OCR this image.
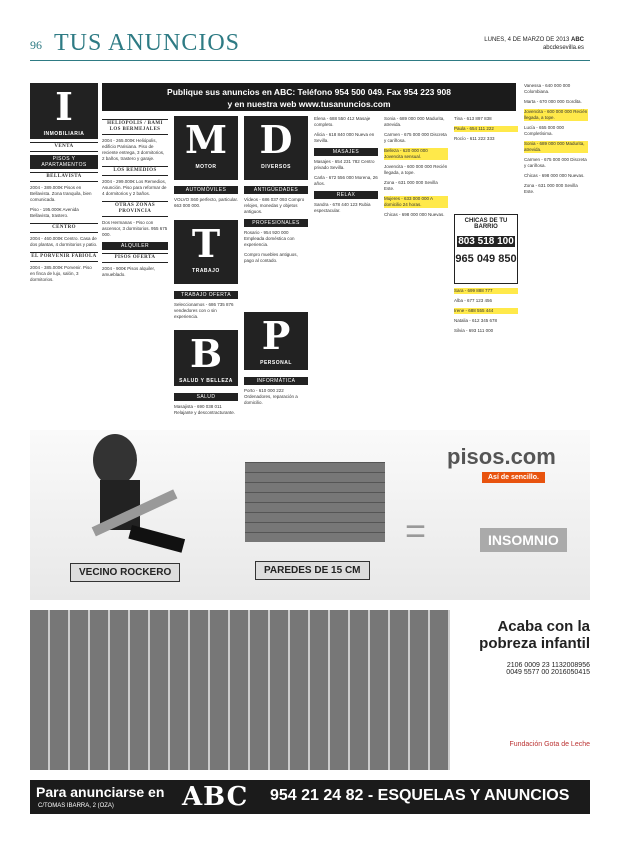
96 TUS ANUNCIOS	LUNES, 4 DE MARZO DE 2013 ABC
abcdesevilla.es
Publique sus anuncios en ABC: Teléfono 954 500 049. Fax 954 223 908
y en nuestra web www.tusanuncios.com
I
INMOBILIARIA
VENTA
PISOS Y APARTAMENTOS
BELLAVISTA
2004 - 389.000€ Pisos en Bellavista. Zona tranquila, bien comunicada.
Piso - 195.000€ Avenida Bellavista, trastero.
CENTRO
2004 - 460.000€ Centro. Casa de dos plantas, 4 dormitorios y patio.
EL PORVENIR FABIOLA
2004 - 385.000€ Porvenir. Piso en finca de lujo, salón, 3 dormitorios.
HELIÓPOLIS / BAMI LOS BERMEJALES
2004 - 265.000€ Heliópolis, edificio Parisiana. Piso de reciente entrega, 3 dormitorios, 2 baños, trastero y garaje.
LOS REMEDIOS
2004 - 299.000€ Los Remedios, Asunción. Piso para reformar de 4 dormitorios y 2 baños.
OTRAS ZONAS PROVINCIA
Dos Hermanas - Piso con ascensor, 3 dormitorios. 955 675 000.
ALQUILER
PISOS OFERTA
2004 - 900€ Pisos alquiler, amueblado.
M
MOTOR
D
DIVERSOS
T
TRABAJO
B
SALUD Y BELLEZA
P
PERSONAL
AUTOMÓVILES
VOLVO S60 perfecto, particular. 663 000 000.
TRABAJO OFERTA
Seleccionamos - 686 735 876 vendedores con o sin experiencia.
SALUD
Masajista - 690 038 011 Relajante y descontracturante.
ANTIGÜEDADES
Vídeos - 686 037 093 Compro relojes, monedas y objetos antiguos.
PROFESIONALES
Rosario - 954 920 000 Empleada doméstica con experiencia.
Compro muebles antiguos, pago al contado.
INFORMÁTICA
Porto - 610 000 222 Ordenadores, reparación a domicilio.
Elena - 688 550 412 Masaje completo.
Alicia - 618 840 000 Nueva en Sevilla.
MASAJES
Masajes - 654 231 782 Centro privado Sevilla.
Carla - 672 556 000 Morena, 26 años.
RELAX
Sandra - 678 440 123 Rubia espectacular.
Sonia - 689 000 000 Madurita, atrevida.
Carmen - 675 000 000 Discreta y cariñosa.
Belleza - 620 000 000 Jovencita sensual.
Jovencita - 600 000 000 Recién llegada, a tope.
Zona - 631 000 000 Sevilla Este.
Mujeres - 633 000 000 A domicilio 24 horas.
Chicas - 698 000 000 Nuevas.
Tina - 613 897 838
Paula - 654 111 222
Rocío - 611 222 333
CHICAS DE TU BARRIO
803 518 100
965 049 850
Sara - 699 888 777
Alba - 677 123 456
Irene - 688 555 444
Natalia - 612 345 678
Silvia - 693 111 000
Vanessa - 640 000 000 Colombiana.
Marta - 670 000 000 Gordita.
Jovencita - 600 000 000 Recién llegada, a tope.
Lucía - 655 000 000 Completísima.
Sonia - 689 000 000 Madurita, atrevida.
Carmen - 675 000 000 Discreta y cariñosa.
Chicas - 698 000 000 Nuevas.
Zona - 631 000 000 Sevilla Este.
pisos.com
Así de sencillo.
VECINO ROCKERO	PAREDES DE 15 CM
=	INSOMNIO
Acaba con la
pobreza infantil
2106 0009 23 1132008956
0049 5577 00 2016050415
Fundación Gota de Leche
Para anunciarse en
C/TOMAS IBARRA, 2 (OZA)	ABC 954 21 24 82 - ESQUELAS Y ANUNCIOS
